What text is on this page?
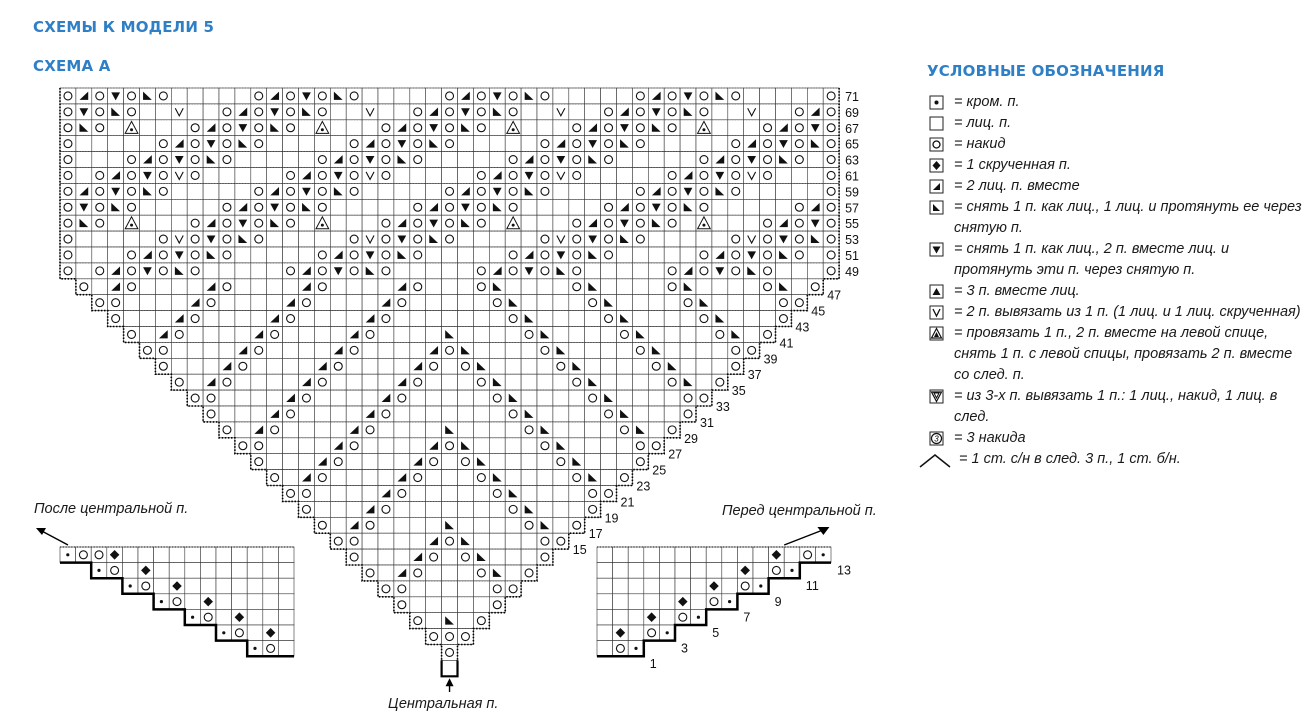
СХЕМЫ К МОДЕЛИ 5
СХЕМА А	УСЛОВНЫЕ ОБОЗНАЧЕНИЯ
71
69
67
65
63
61
59
57
55
53
51
49
47
45
43
41
39
37
35
33
31
29
27
25
23
21
19
17
15
13
11
9
7
5
3
1
После центральной п.	Перед центральной п.
Центральная п.
= кром. п.
= лиц. п.
= накид
= 1 скрученная п.
= 2 лиц. п. вместе
= снять 1 п. как лиц., 1 лиц. и протянуть ее через снятую п.
= снять 1 п. как лиц., 2 п. вместе лиц. и протянуть эти п. через снятую п.
= 3 п. вместе лиц.
= 2 п. вывязать из 1 п. (1 лиц. и 1 лиц. скрученная)
= провязать 1 п., 2 п. вместе на левой спице, снять 1 п. с левой спицы, провязать 2 п. вместе со след. п.
= из 3-х п. вывязать 1 п.: 1 лиц., накид, 1 лиц. в след.
3 = 3 накида
= 1 ст. с/н в след. 3 п., 1 ст. б/н.
